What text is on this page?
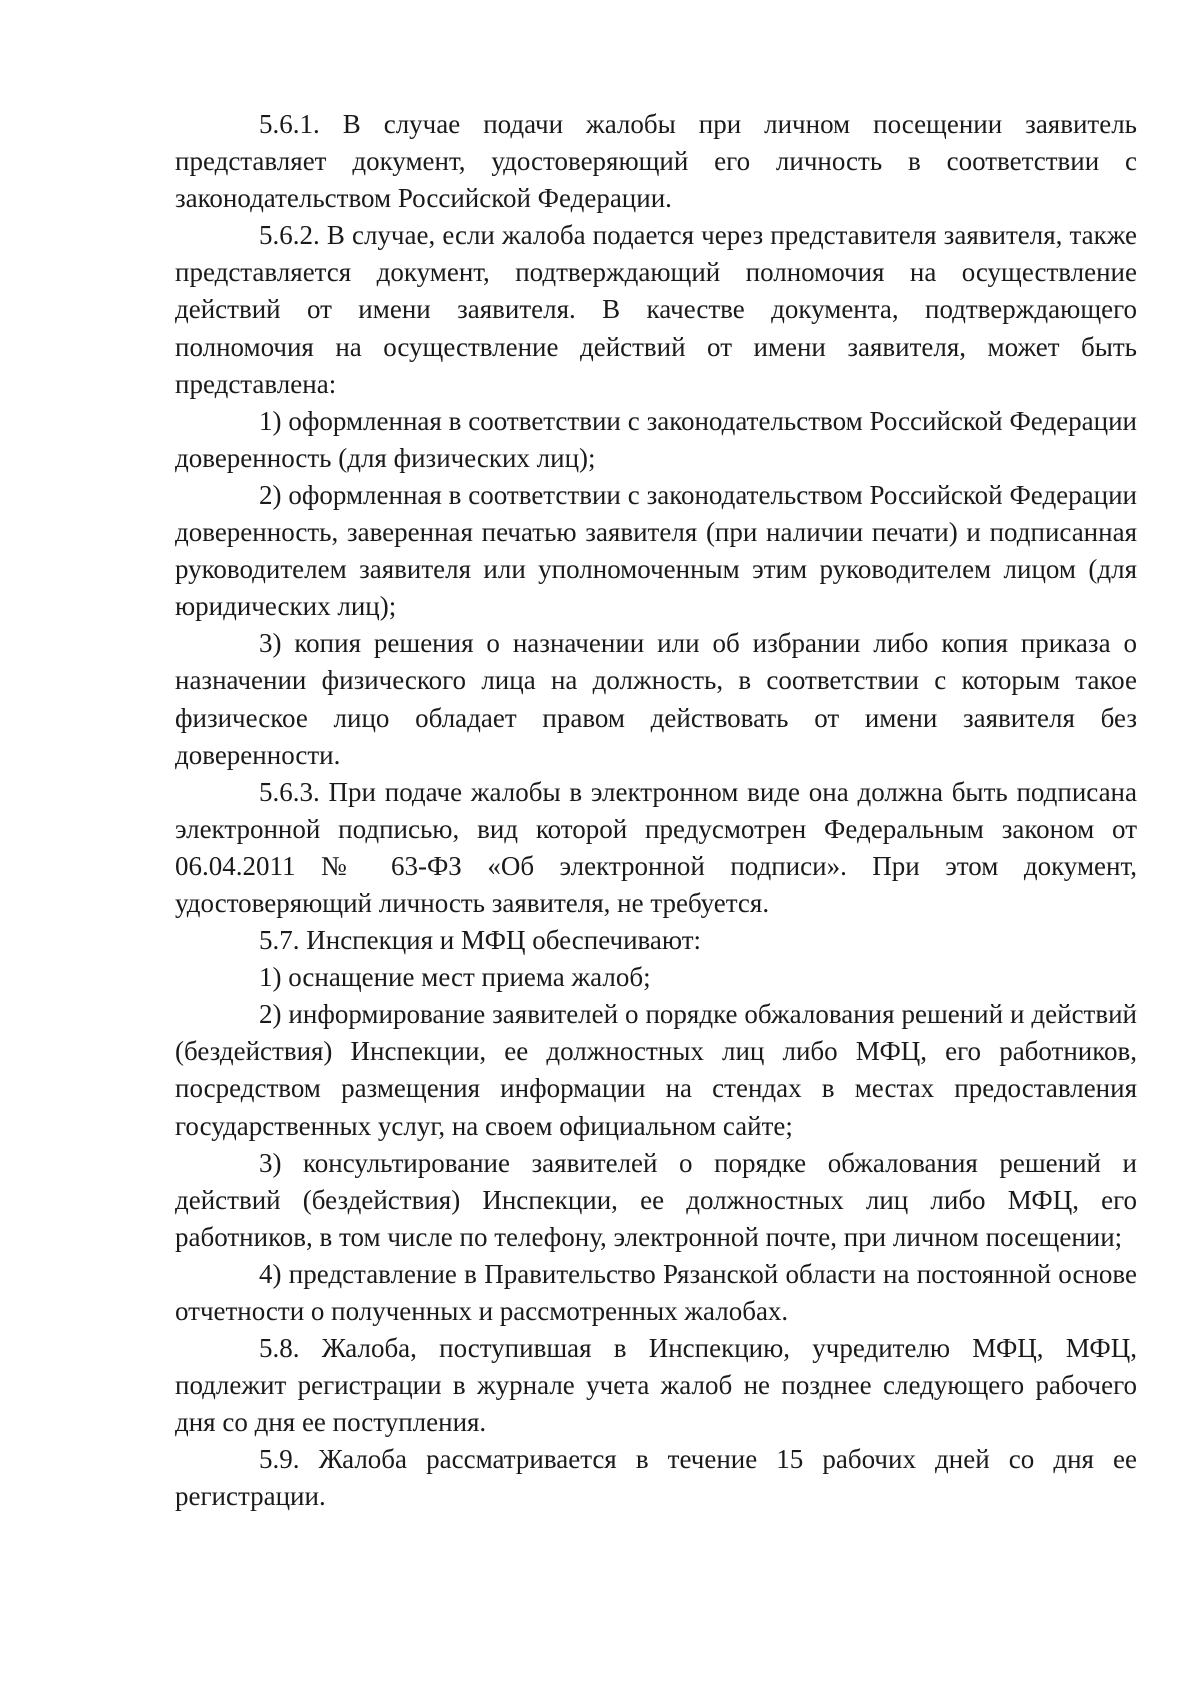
5.6.1. В случае подачи жалобы при личном посещении заявитель представляет документ, удостоверяющий его личность в соответствии с законодательством Российской Федерации.

5.6.2. В случае, если жалоба подается через представителя заявителя, также представляется документ, подтверждающий полномочия на осуществление действий от имени заявителя. В качестве документа, подтверждающего полномочия на осуществление действий от имени заявителя, может быть представлена:

1) оформленная в соответствии с законодательством Российской Федерации доверенность (для физических лиц);

2) оформленная в соответствии с законодательством Российской Федерации доверенность, заверенная печатью заявителя (при наличии печати) и подписанная руководителем заявителя или уполномоченным этим руководителем лицом (для юридических лиц);

3) копия решения о назначении или об избрании либо копия приказа о назначении физического лица на должность, в соответствии с которым такое физическое лицо обладает правом действовать от имени заявителя без доверенности.

5.6.3. При подаче жалобы в электронном виде она должна быть подписана электронной подписью, вид которой предусмотрен Федеральным законом от 06.04.2011 № 63-ФЗ «Об электронной подписи». При этом документ, удостоверяющий личность заявителя, не требуется.

5.7. Инспекция и МФЦ обеспечивают:

1) оснащение мест приема жалоб;

2) информирование заявителей о порядке обжалования решений и действий (бездействия) Инспекции, ее должностных лиц либо МФЦ, его работников, посредством размещения информации на стендах в местах предоставления государственных услуг, на своем официальном сайте;

3) консультирование заявителей о порядке обжалования решений и действий (бездействия) Инспекции, ее должностных лиц либо МФЦ, его работников, в том числе по телефону, электронной почте, при личном посещении;

4) представление в Правительство Рязанской области на постоянной основе отчетности о полученных и рассмотренных жалобах.

5.8. Жалоба, поступившая в Инспекцию, учредителю МФЦ, МФЦ, подлежит регистрации в журнале учета жалоб не позднее следующего рабочего дня со дня ее поступления.

5.9. Жалоба рассматривается в течение 15 рабочих дней со дня ее регистрации.
